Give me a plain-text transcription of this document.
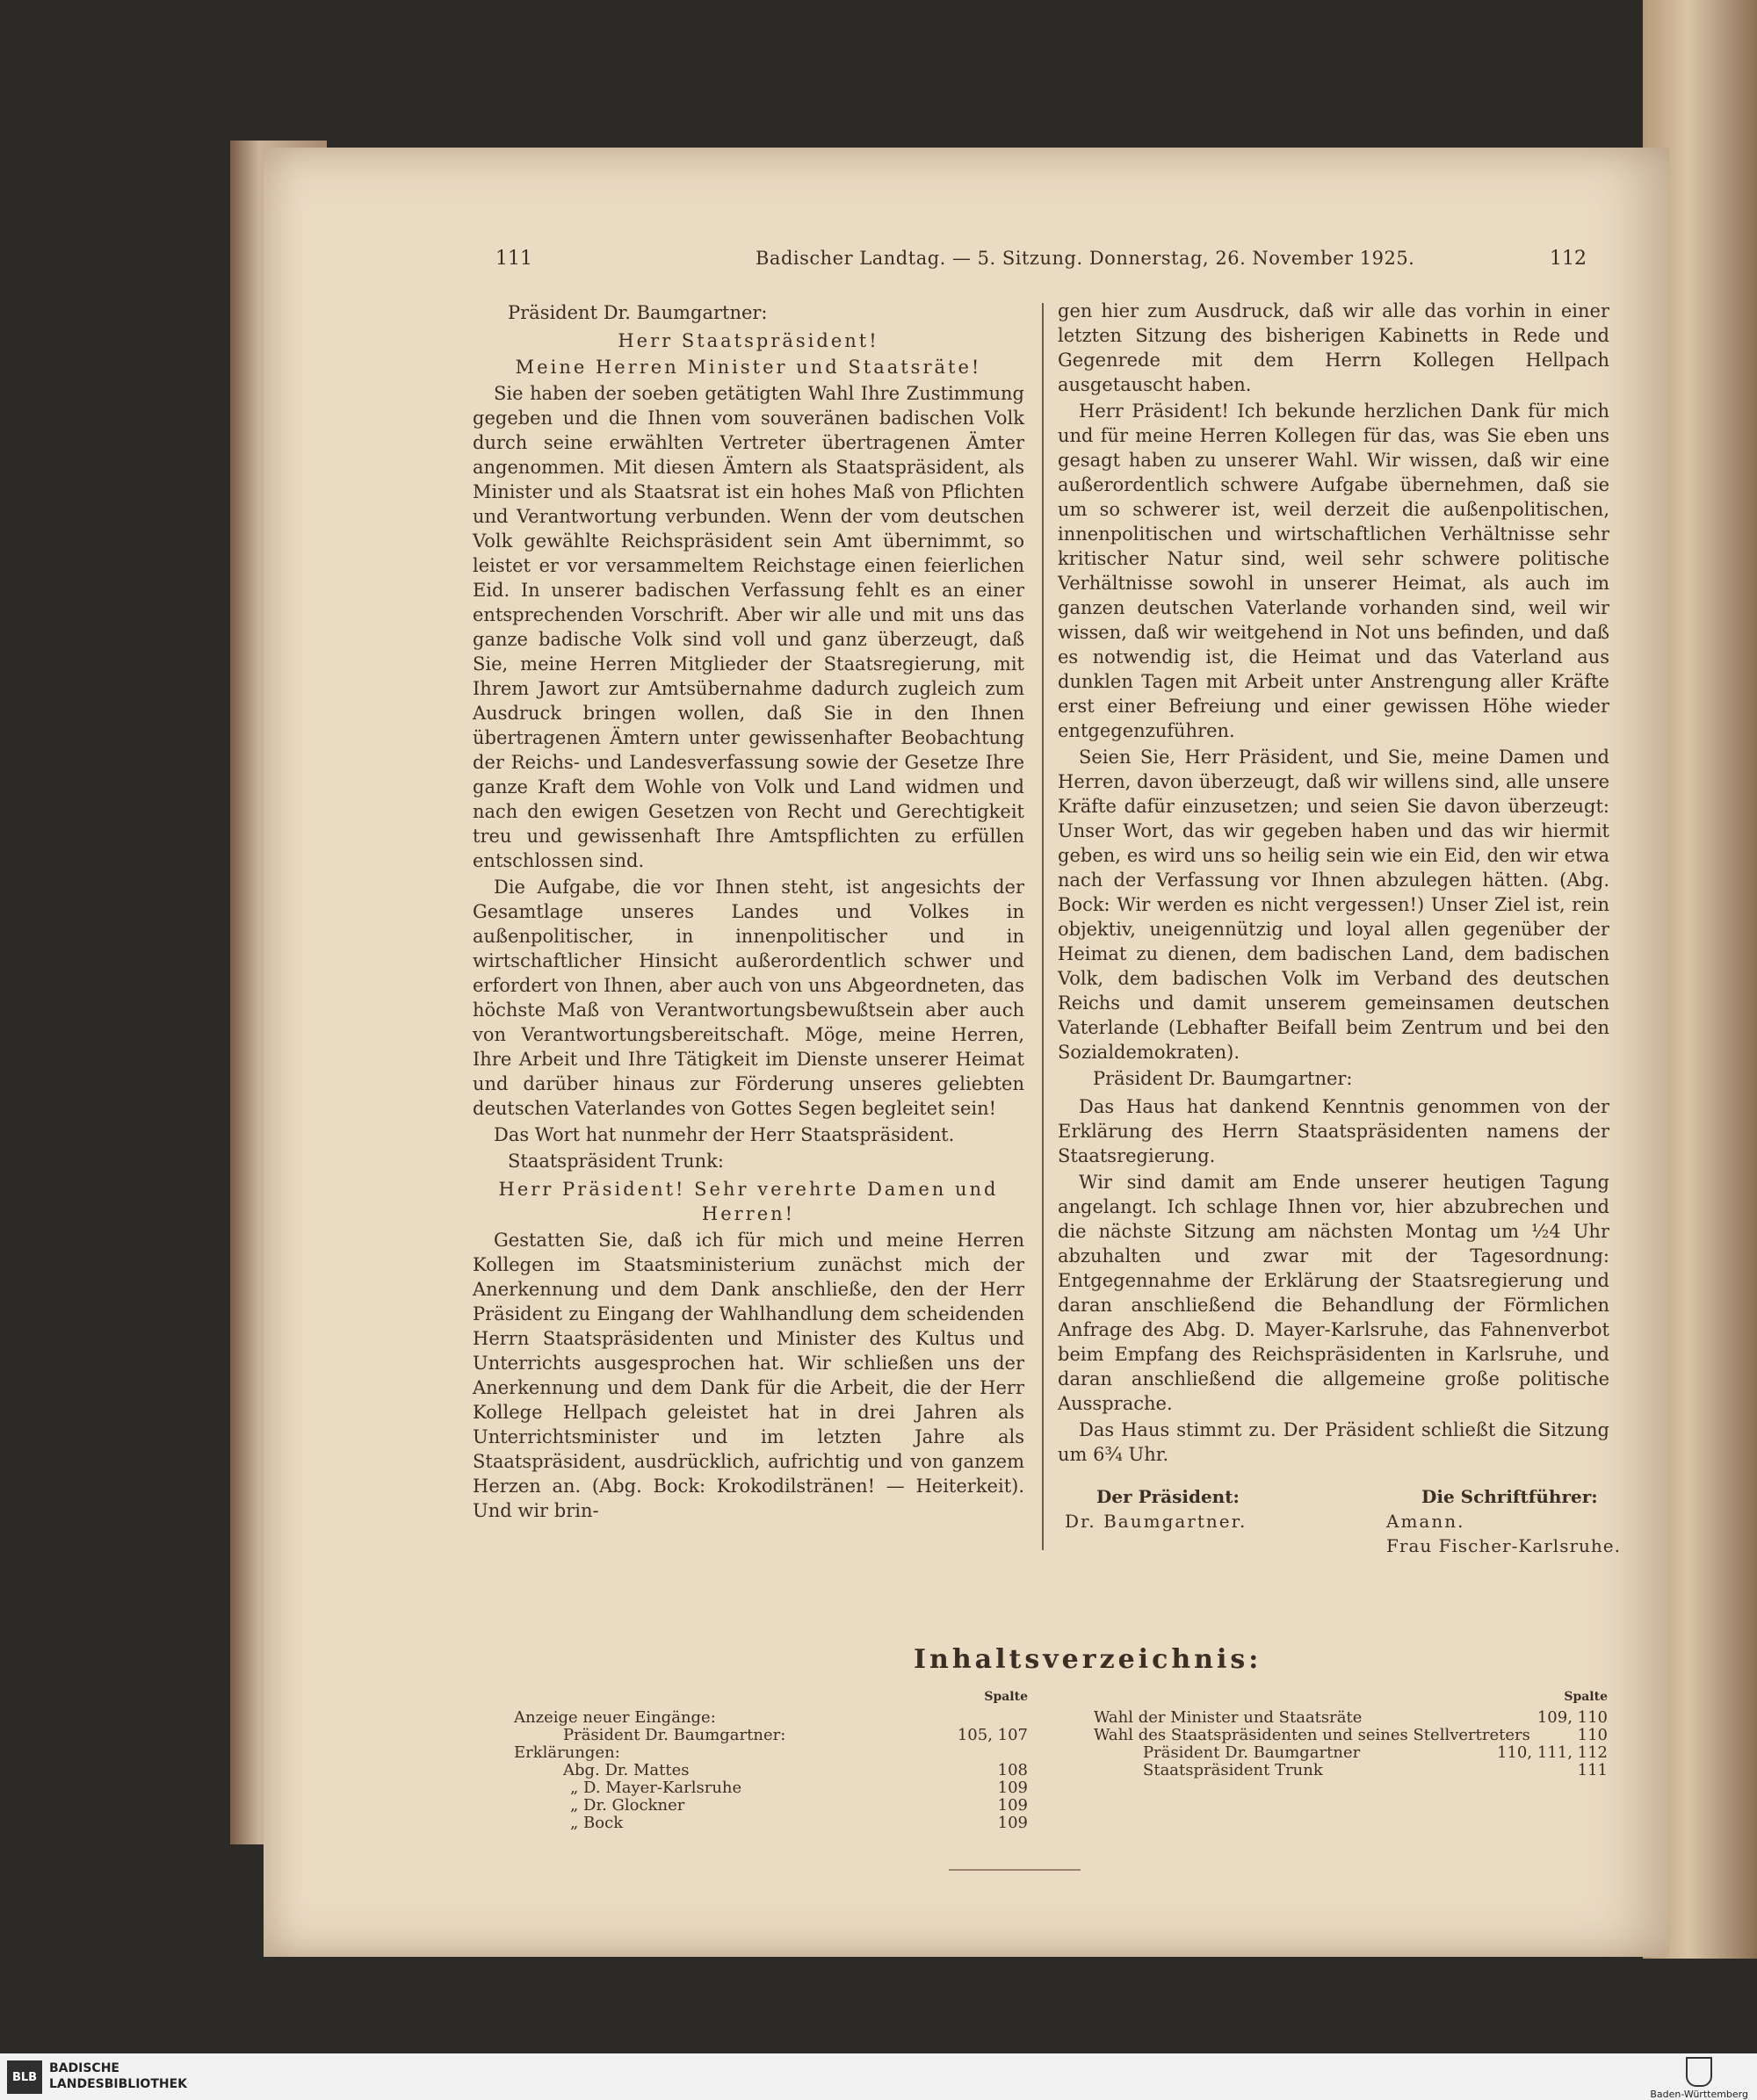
111	Badischer Landtag. — 5. Sitzung. Donnerstag, 26. November 1925.	112

Präsident Dr. Baumgartner:

Herr Staatspräsident!

Meine Herren Minister und Staatsräte!

Sie haben der soeben getätigten Wahl Ihre Zustimmung gegeben und die Ihnen vom souveränen badischen Volk durch seine erwählten Vertreter übertragenen Ämter angenommen. Mit diesen Ämtern als Staatspräsident, als Minister und als Staatsrat ist ein hohes Maß von Pflichten und Verantwortung verbunden. Wenn der vom deutschen Volk gewählte Reichspräsident sein Amt übernimmt, so leistet er vor versammeltem Reichstage einen feierlichen Eid. In unserer badischen Verfassung fehlt es an einer entsprechenden Vorschrift. Aber wir alle und mit uns das ganze badische Volk sind voll und ganz überzeugt, daß Sie, meine Herren Mitglieder der Staatsregierung, mit Ihrem Jawort zur Amtsübernahme dadurch zugleich zum Ausdruck bringen wollen, daß Sie in den Ihnen übertragenen Ämtern unter gewissenhafter Beobachtung der Reichs- und Landesverfassung sowie der Gesetze Ihre ganze Kraft dem Wohle von Volk und Land widmen und nach den ewigen Gesetzen von Recht und Gerechtigkeit treu und gewissenhaft Ihre Amtspflichten zu erfüllen entschlossen sind.

Die Aufgabe, die vor Ihnen steht, ist angesichts der Gesamtlage unseres Landes und Volkes in außenpolitischer, in innenpolitischer und in wirtschaftlicher Hinsicht außerordentlich schwer und erfordert von Ihnen, aber auch von uns Abgeordneten, das höchste Maß von Verantwortungsbewußtsein aber auch von Verantwortungsbereitschaft. Möge, meine Herren, Ihre Arbeit und Ihre Tätigkeit im Dienste unserer Heimat und darüber hinaus zur Förderung unseres geliebten deutschen Vaterlandes von Gottes Segen begleitet sein!

Das Wort hat nunmehr der Herr Staatspräsident.

Staatspräsident Trunk:

Herr Präsident! Sehr verehrte Damen und Herren!

Gestatten Sie, daß ich für mich und meine Herren Kollegen im Staatsministerium zunächst mich der Anerkennung und dem Dank anschließe, den der Herr Präsident zu Eingang der Wahlhandlung dem scheidenden Herrn Staatspräsidenten und Minister des Kultus und Unterrichts ausgesprochen hat. Wir schließen uns der Anerkennung und dem Dank für die Arbeit, die der Herr Kollege Hellpach geleistet hat in drei Jahren als Unterrichtsminister und im letzten Jahre als Staatspräsident, ausdrücklich, aufrichtig und von ganzem Herzen an. (Abg. Bock: Krokodilstränen! — Heiterkeit). Und wir brin-

gen hier zum Ausdruck, daß wir alle das vorhin in einer letzten Sitzung des bisherigen Kabinetts in Rede und Gegenrede mit dem Herrn Kollegen Hellpach ausgetauscht haben.

Herr Präsident! Ich bekunde herzlichen Dank für mich und für meine Herren Kollegen für das, was Sie eben uns gesagt haben zu unserer Wahl. Wir wissen, daß wir eine außerordentlich schwere Aufgabe übernehmen, daß sie um so schwerer ist, weil derzeit die außenpolitischen, innenpolitischen und wirtschaftlichen Verhältnisse sehr kritischer Natur sind, weil sehr schwere politische Verhältnisse sowohl in unserer Heimat, als auch im ganzen deutschen Vaterlande vorhanden sind, weil wir wissen, daß wir weitgehend in Not uns befinden, und daß es notwendig ist, die Heimat und das Vaterland aus dunklen Tagen mit Arbeit unter Anstrengung aller Kräfte erst einer Befreiung und einer gewissen Höhe wieder entgegenzuführen.

Seien Sie, Herr Präsident, und Sie, meine Damen und Herren, davon überzeugt, daß wir willens sind, alle unsere Kräfte dafür einzusetzen; und seien Sie davon überzeugt: Unser Wort, das wir gegeben haben und das wir hiermit geben, es wird uns so heilig sein wie ein Eid, den wir etwa nach der Verfassung vor Ihnen abzulegen hätten. (Abg. Bock: Wir werden es nicht vergessen!) Unser Ziel ist, rein objektiv, uneigennützig und loyal allen gegenüber der Heimat zu dienen, dem badischen Land, dem badischen Volk, dem badischen Volk im Verband des deutschen Reichs und damit unserem gemeinsamen deutschen Vaterlande (Lebhafter Beifall beim Zentrum und bei den Sozialdemokraten).

Präsident Dr. Baumgartner:

Das Haus hat dankend Kenntnis genommen von der Erklärung des Herrn Staatspräsidenten namens der Staatsregierung.

Wir sind damit am Ende unserer heutigen Tagung angelangt. Ich schlage Ihnen vor, hier abzubrechen und die nächste Sitzung am nächsten Montag um ½4 Uhr abzuhalten und zwar mit der Tagesordnung: Entgegennahme der Erklärung der Staatsregierung und daran anschließend die Behandlung der Förmlichen Anfrage des Abg. D. Mayer-Karlsruhe, das Fahnenverbot beim Empfang des Reichspräsidenten in Karlsruhe, und daran anschließend die allgemeine große politische Aussprache.

Das Haus stimmt zu. Der Präsident schließt die Sitzung um 6¾ Uhr.

Der Präsident:
Dr. Baumgartner.
Die Schriftführer:
Amann.
Frau Fischer-Karlsruhe.
Inhaltsverzeichnis:
Spalte
Anzeige neuer Eingänge:
Präsident Dr. Baumgartner:	105, 107
Erklärungen:
Abg. Dr. Mattes	108
„ D. Mayer-Karlsruhe	109
„ Dr. Glockner	109
„ Bock	109
Spalte
Wahl der Minister und Staatsräte	109, 110
Wahl des Staatspräsidenten und seines Stellvertreters	110
Präsident Dr. Baumgartner	110, 111, 112
Staatspräsident Trunk	111
BLB
BADISCHE
LANDESBIBLIOTHEK
Baden-Württemberg
